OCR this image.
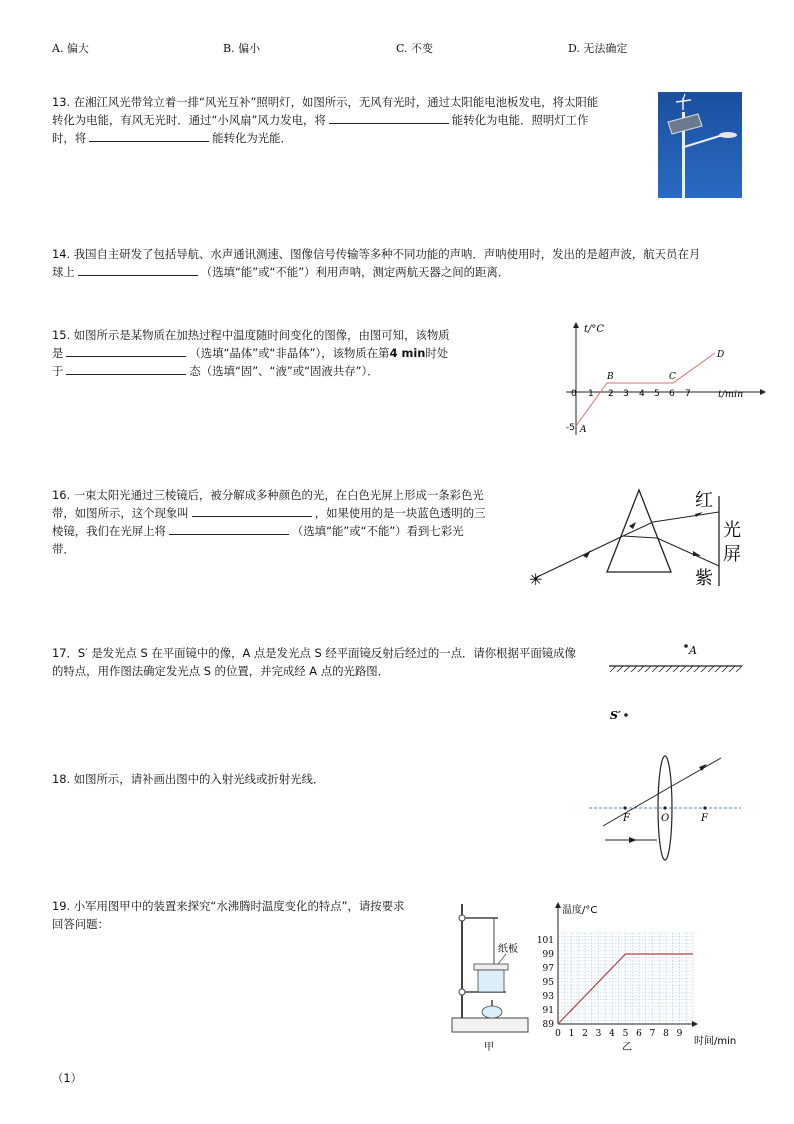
A. 偏大	B. 偏小	C. 不变	D. 无法确定
13. 在湘江风光带耸立着一排“风光互补”照明灯，如图所示，无风有光时，通过太阳能电池板发电，将太阳能
转化为电能，有风无光时．通过“小风扇”风力发电，将	能转化为电能．照明灯工作
时，将	能转化为光能．
14. 我国自主研发了包括导航、水声通讯测速、图像信号传输等多种不同功能的声呐．声呐使用时，发出的是超声波，航天员在月
球上	（选填“能”或“不能”）利用声呐，测定两航天器之间的距离．
15. 如图所示是某物质在加热过程中温度随时间变化的图像，由图可知，该物质
是	（选填“晶体”或“非晶体”），该物质在第4 min时处
于	态（选填“固”、“液”或“固液共存”）．
t/°C
t/min
0 1 2 3 4 5 6 7
-5 A
B	C
D
16. 一束太阳光通过三棱镜后，被分解成多种颜色的光，在白色光屏上形成一条彩色光
带，如图所示，这个现象叫	，如果使用的是一块蓝色透明的三
棱镜，我们在光屏上将	（选填“能”或“不能”）看到七彩光
带．
✳
红
光
屏
紫
17．S′ 是发光点 S 在平面镜中的像，A 点是发光点 S 经平面镜反射后经过的一点．请你根据平面镜成像
的特点，用作图法确定发光点 S 的位置，并完成经 A 点的光路图．
A
S′
18. 如图所示，请补画出图中的入射光线或折射光线．
F	O	F
19. 小军用图甲中的装置来探究“水沸腾时温度变化的特点”，请按要求
回答问题：
纸板
甲
温度/°C
时间/min
101
99
97
95
93
91
89
0 1 2 3 4 5 6 7 8 9
乙
（1）
